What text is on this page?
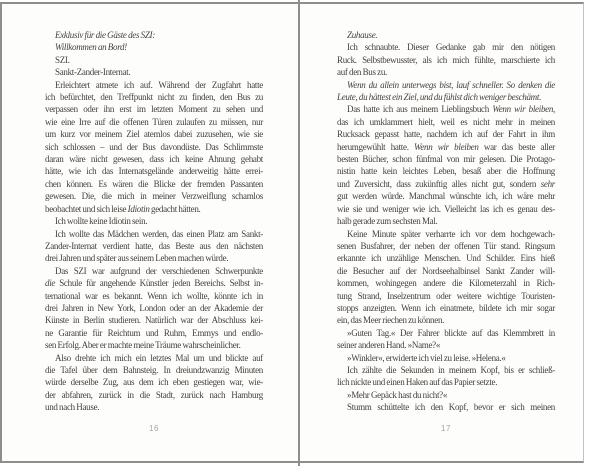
Exklusiv für die Gäste des SZI:
Willkommen an Bord!
SZI.
Sankt-Zander-Internat.
Erleichtert atmete ich auf. Während der Zugfahrt hatte
ich befürchtet, den Treffpunkt nicht zu finden, den Bus zu
verpassen oder ihn erst im letzten Moment zu sehen und
wie eine Irre auf die offenen Türen zulaufen zu müssen, nur
um kurz vor meinem Ziel atemlos dabei zuzusehen, wie sie
sich schlossen – und der Bus davondüste. Das Schlimmste
daran wäre nicht gewesen, dass ich keine Ahnung gehabt
hätte, wie ich das Internatsgelände anderweitig hätte errei-
chen können. Es wären die Blicke der fremden Passanten
gewesen. Die, die mich in meiner Verzweiflung schamlos
beobachtet und sich leise Idiotin gedacht hätten.
Ich wollte keine Idiotin sein.
Ich wollte das Mädchen werden, das einen Platz am Sankt-
Zander-Internat verdient hatte, das Beste aus den nächsten
drei Jahren und später aus seinem Leben machen würde.
Das SZI war aufgrund der verschiedenen Schwerpunkte
die Schule für angehende Künstler jeden Bereichs. Selbst in-
ternational war es bekannt. Wenn ich wollte, könnte ich in
drei Jahren in New York, London oder an der Akademie der
Künste in Berlin studieren. Natürlich war der Abschluss kei-
ne Garantie für Reichtum und Ruhm, Emmys und endlo-
sen Erfolg. Aber er machte meine Träume wahrscheinlicher.
Also drehte ich mich ein letztes Mal um und blickte auf
die Tafel über dem Bahnsteig. In dreiundzwanzig Minuten
würde derselbe Zug, aus dem ich eben gestiegen war, wie-
der abfahren, zurück in die Stadt, zurück nach Hamburg
und nach Hause.
16
Zuhause.
Ich schnaubte. Dieser Gedanke gab mir den nötigen
Ruck. Selbstbewusster, als ich mich fühlte, marschierte ich
auf den Bus zu.
Wenn du allein unterwegs bist, lauf schneller. So denken die
Leute, du hättest ein Ziel, und du fühlst dich weniger beschämt.
Das hatte ich aus meinem Lieblingsbuch Wenn wir bleiben,
das ich umklammert hielt, weil es nicht mehr in meinen
Rucksack gepasst hatte, nachdem ich auf der Fahrt in ihm
herumgewühlt hatte. Wenn wir bleiben war das beste aller
besten Bücher, schon fünfmal von mir gelesen. Die Protago-
nistin hatte kein leichtes Leben, besaß aber die Hoffnung
und Zuversicht, dass zukünftig alles nicht gut, sondern sehr
gut werden würde. Manchmal wünschte ich, ich wäre mehr
wie sie und weniger wie ich. Vielleicht las ich es genau des-
halb gerade zum sechsten Mal.
Keine Minute später verharrte ich vor dem hochgewach-
senen Busfahrer, der neben der offenen Tür stand. Ringsum
erkannte ich unzählige Menschen. Und Schilder. Eins hieß
die Besucher auf der Nordseehalbinsel Sankt Zander will-
kommen, wohingegen andere die Kilometerzahl in Rich-
tung Strand, Inselzentrum oder weitere wichtige Touristen-
stopps anzeigten. Wenn ich einatmete, bildete ich mir sogar
ein, das Meer riechen zu können.
»Guten Tag.« Der Fahrer blickte auf das Klemmbrett in
seiner anderen Hand. »Name?«
»Winkler«, erwiderte ich viel zu leise. »Helena.«
Ich zählte die Sekunden in meinem Kopf, bis er schließ-
lich nickte und einen Haken auf das Papier setzte.
»Mehr Gepäck hast du nicht?«
Stumm schüttelte ich den Kopf, bevor er sich meinen
17
